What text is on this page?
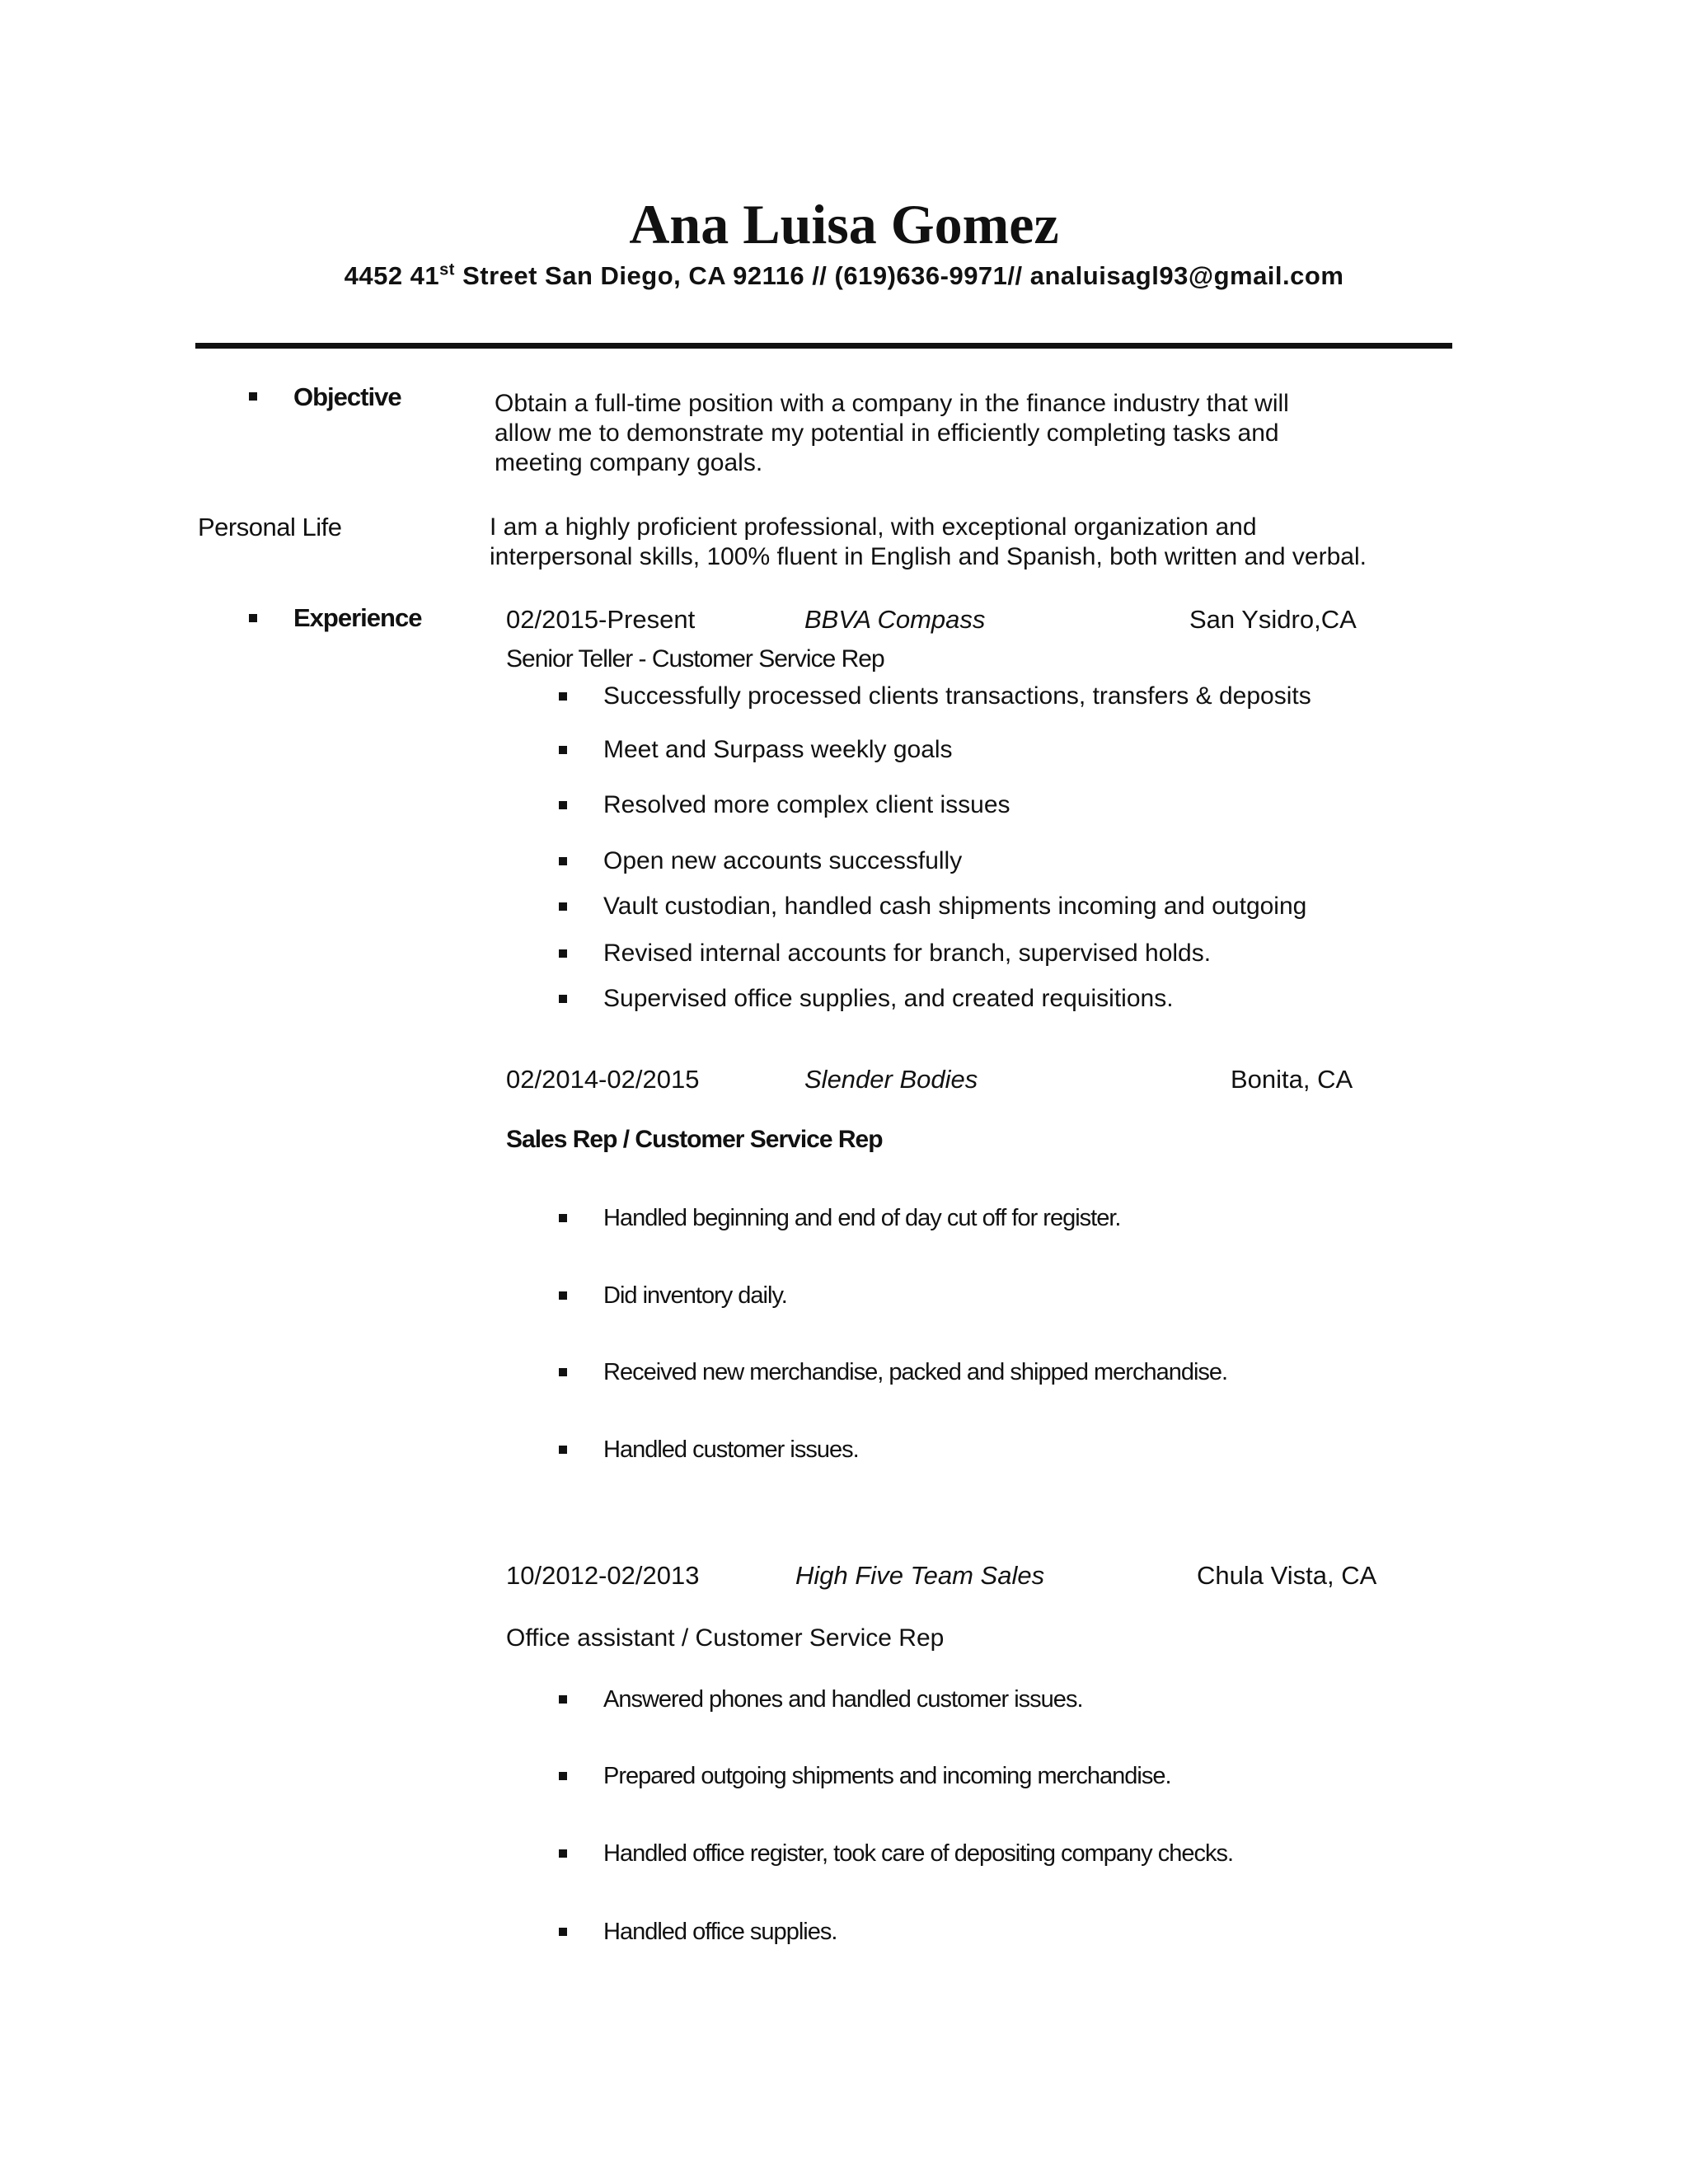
Ana Luisa Gomez
4452 41st Street San Diego, CA 92116 // (619)636-9971// analuisagl93@gmail.com
Objective	Obtain a full-time position with a company in the finance industry that will
allow me to demonstrate my potential in efficiently completing tasks and
meeting company goals.
Personal Life	I am a highly proficient professional, with exceptional organization and
interpersonal skills, 100% fluent in English and Spanish, both written and verbal.
Experience	02/2015-Present	BBVA Compass	San Ysidro,CA
Senior Teller - Customer Service Rep
Successfully processed clients transactions, transfers & deposits
Meet and Surpass weekly goals
Resolved more complex client issues
Open new accounts successfully
Vault custodian, handled cash shipments incoming and outgoing
Revised internal accounts for branch, supervised holds.
Supervised office supplies, and created requisitions.
02/2014-02/2015	Slender Bodies	Bonita, CA
Sales Rep / Customer Service Rep
Handled beginning and end of day cut off for register.
Did inventory daily.
Received new merchandise, packed and shipped merchandise.
Handled customer issues.
10/2012-02/2013	High Five Team Sales	Chula Vista, CA
Office assistant / Customer Service Rep
Answered phones and handled customer issues.
Prepared outgoing shipments and incoming merchandise.
Handled office register, took care of depositing company checks.
Handled office supplies.
